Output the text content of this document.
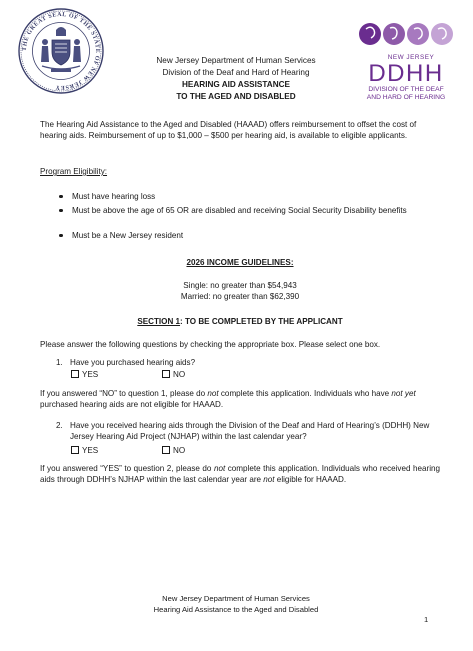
THE GREAT SEAL OF THE STATE OF NEW JERSEY
NEW JERSEY
DDHH
DIVISION OF THE DEAF
AND HARD OF HEARING
New Jersey Department of Human Services
Division of the Deaf and Hard of Hearing
HEARING AID ASSISTANCE
TO THE AGED AND DISABLED
The Hearing Aid Assistance to the Aged and Disabled (HAAAD) offers reimbursement to offset the cost of hearing aids. Reimbursement of up to $1,000 – $500 per hearing aid, is available to eligible applicants.
Program Eligibility:
Must have hearing loss
Must be above the age of 65 OR are disabled and receiving Social Security Disability benefits
Must be a New Jersey resident
2026 INCOME GUIDELINES:
Single: no greater than $54,943
Married: no greater than $62,390
SECTION 1: TO BE COMPLETED BY THE APPLICANT
Please answer the following questions by checking the appropriate box. Please select one box.
1. Have you purchased hearing aids?
YES	NO
If you answered “NO” to question 1, please do not complete this application. Individuals who have not yet purchased hearing aids are not eligible for HAAAD.
2. Have you received hearing aids through the Division of the Deaf and Hard of Hearing’s (DDHH) New Jersey Hearing Aid Project (NJHAP) within the last calendar year?
YES	NO
If you answered “YES” to question 2, please do not complete this application. Individuals who received hearing aids through DDHH’s NJHAP within the last calendar year are not eligible for HAAAD.
New Jersey Department of Human Services
Hearing Aid Assistance to the Aged and Disabled
1
